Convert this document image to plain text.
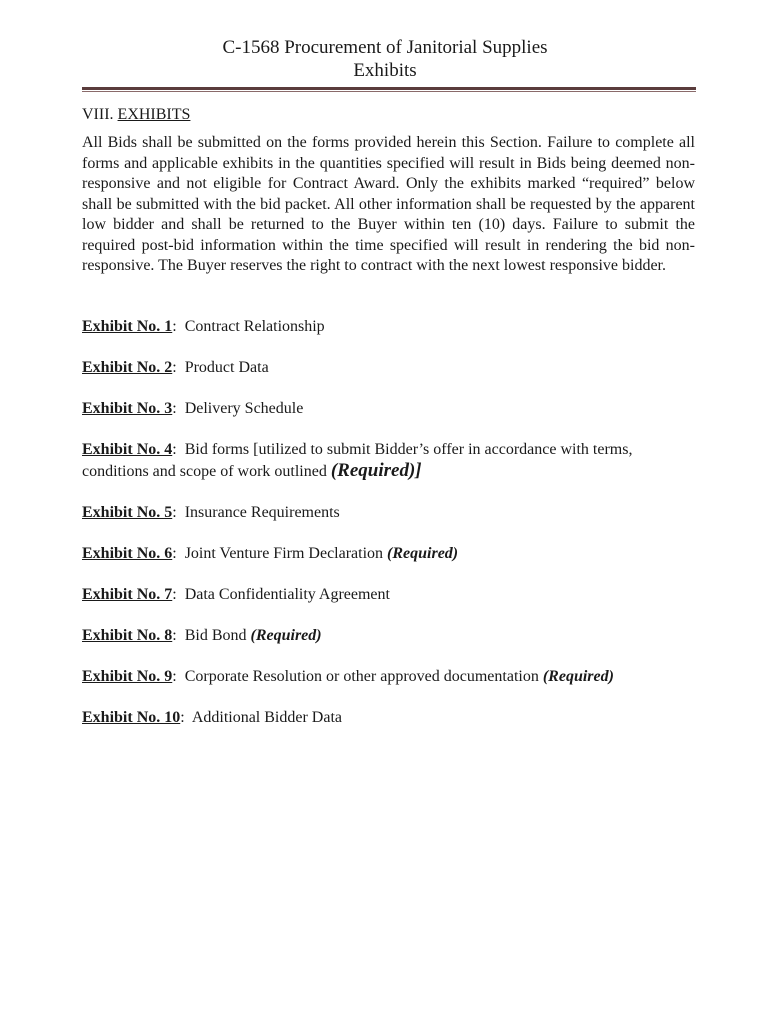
C-1568 Procurement of Janitorial Supplies
Exhibits
VIII. EXHIBITS
All Bids shall be submitted on the forms provided herein this Section. Failure to complete all forms and applicable exhibits in the quantities specified will result in Bids being deemed non-responsive and not eligible for Contract Award. Only the exhibits marked “required” below shall be submitted with the bid packet. All other information shall be requested by the apparent low bidder and shall be returned to the Buyer within ten (10) days. Failure to submit the required post-bid information within the time specified will result in rendering the bid non-responsive. The Buyer reserves the right to contract with the next lowest responsive bidder.
Exhibit No. 1:  Contract Relationship
Exhibit No. 2:  Product Data
Exhibit No. 3:  Delivery Schedule
Exhibit No. 4:  Bid forms [utilized to submit Bidder’s offer in accordance with terms, conditions and scope of work outlined (Required)]
Exhibit No. 5:  Insurance Requirements
Exhibit No. 6:  Joint Venture Firm Declaration (Required)
Exhibit No. 7:  Data Confidentiality Agreement
Exhibit No. 8:  Bid Bond (Required)
Exhibit No. 9:  Corporate Resolution or other approved documentation (Required)
Exhibit No. 10:  Additional Bidder Data
